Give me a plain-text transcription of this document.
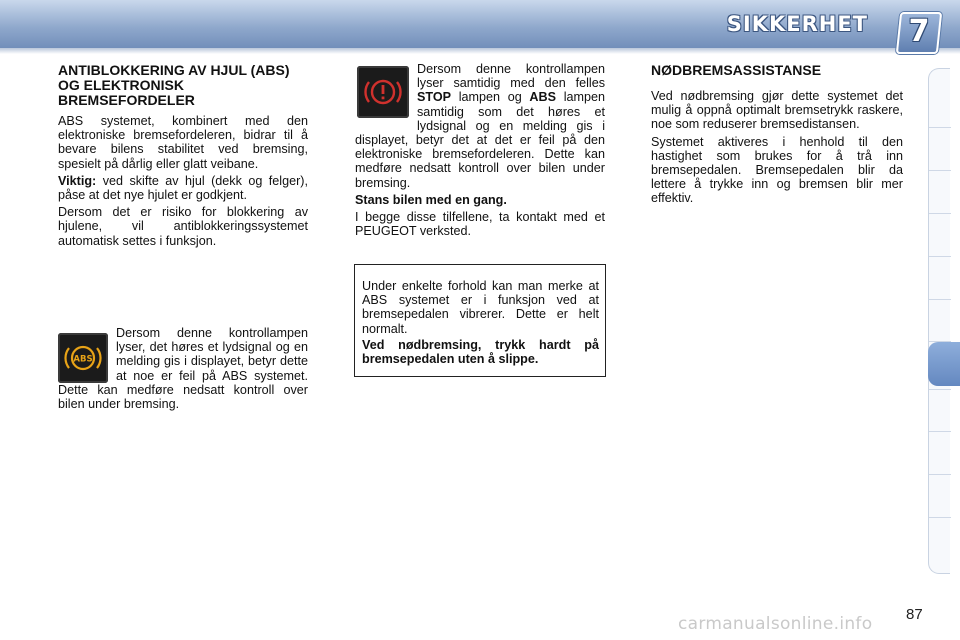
SIKKERHET	7
ANTIBLOKKERING AV HJUL (ABS) OG ELEKTRONISK BREMSEFORDELER

ABS systemet, kombinert med den elektroniske bremsefordeleren, bidrar til å bevare bilens stabilitet ved bremsing, spesielt på dårlig eller glatt veibane.

Viktig: ved skifte av hjul (dekk og felger), påse at det nye hjulet er godkjent.

Dersom det er risiko for blokkering av hjulene, vil antiblokkeringssystemet automatisk settes i funksjon.

ABS

Dersom denne kontrollampen lyser, det høres et lydsignal og en melding gis i displayet, betyr dette at noe er feil på ABS systemet. Dette kan medføre nedsatt kontroll over bilen under bremsing.

Dersom denne kontrollampen lyser samtidig med den felles STOP lampen og ABS lampen samtidig som det høres et lydsignal og en melding gis i displayet, betyr det at det er feil på den elektroniske bremsefordeleren. Dette kan medføre nedsatt kontroll over bilen under bremsing.

Stans bilen med en gang.

I begge disse tilfellene, ta kontakt med et PEUGEOT verksted.

Under enkelte forhold kan man merke at ABS systemet er i funksjon ved at bremsepedalen vibrerer. Dette er helt normalt.

Ved nødbremsing, trykk hardt på bremsepedalen uten å slippe.

NØDBREMSASSISTANSE

Ved nødbremsing gjør dette systemet det mulig å oppnå optimalt bremsetrykk raskere, noe som reduserer bremsedistansen.

Systemet aktiveres i henhold til den hastighet som brukes for å trå inn bremsepedalen. Bremsepedalen blir da lettere å trykke inn og bremsen blir mer effektiv.

87
carmanualsonline.info
